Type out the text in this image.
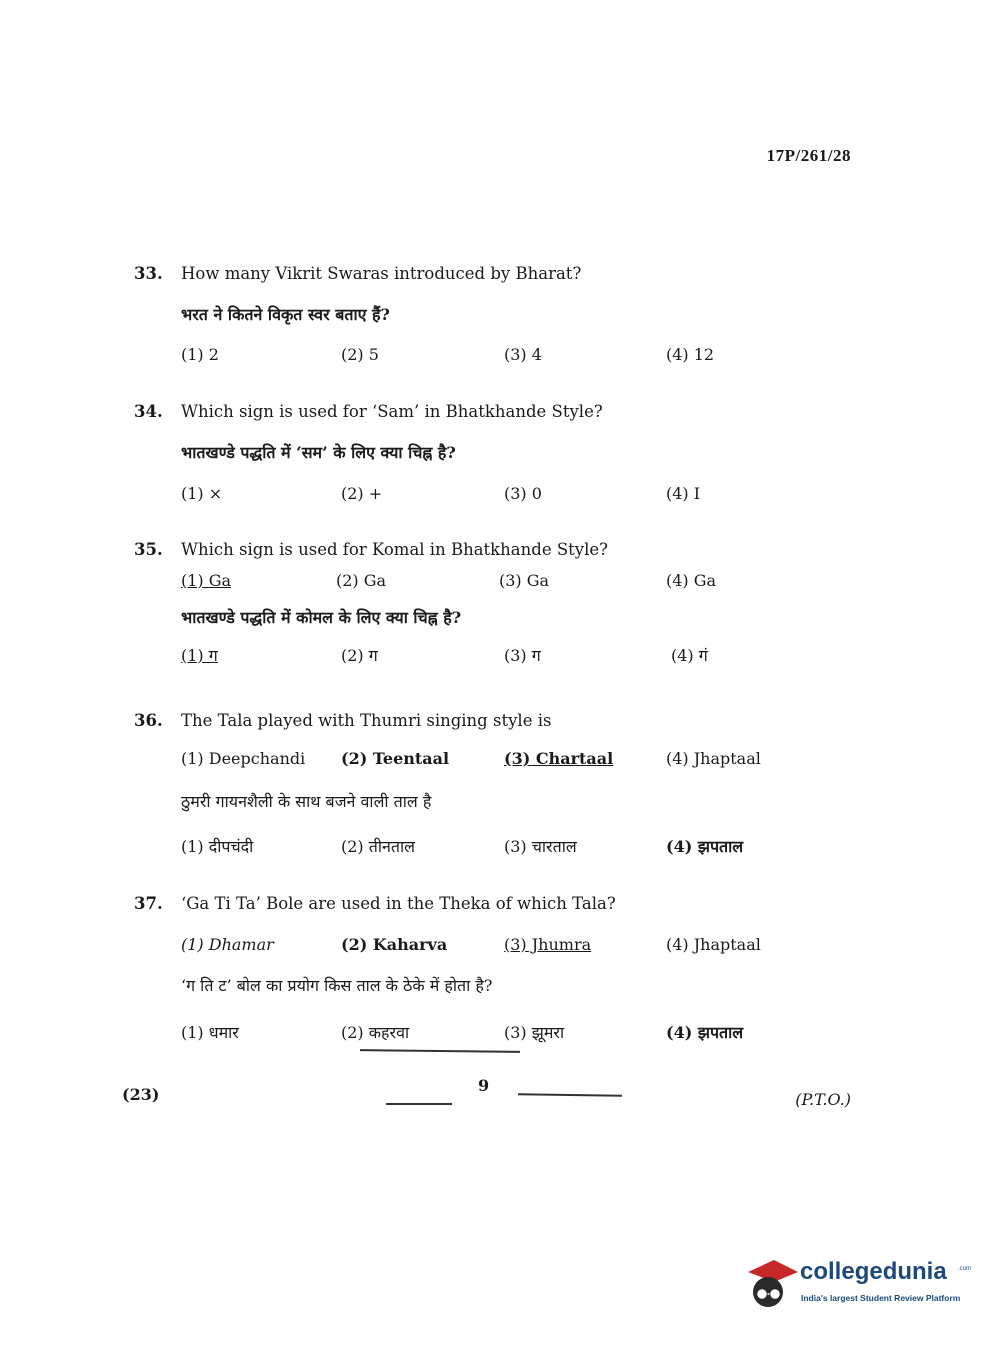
17P/261/28
33. How many Vikrit Swaras introduced by Bharat?
भरत ने कितने विकृत स्वर बताए हैं?
(1) 2	(2) 5	(3) 4	(4) 12
34. Which sign is used for ‘Sam’ in Bhatkhande Style?
भातखण्डे पद्धति में ‘सम’ के लिए क्या चिह्न है?
(1) ×	(2) +	(3) 0	(4) I
35. Which sign is used for Komal in Bhatkhande Style?
(1) Ga	(2) Ga	(3) Ga	(4) Ga
भातखण्डे पद्धति में कोमल के लिए क्या चिह्न है?
(1) ग	(2) ग	(3) ग	(4) गं
36. The Tala played with Thumri singing style is
(1) Deepchandi (2) Teentaal	(3) Chartaal	(4) Jhaptaal
ठुमरी गायनशैली के साथ बजने वाली ताल है
(1) दीपचंदी	(2) तीनताल	(3) चारताल	(4) झपताल
37. ‘Ga Ti Ta’ Bole are used in the Theka of which Tala?
(1) Dhamar	(2) Kaharva	(3) Jhumra	(4) Jhaptaal
‘ग ति ट’ बोल का प्रयोग किस ताल के ठेके में होता है?
(1) धमार	(2) कहरवा	(3) झूमरा	(4) झपताल
(23)	9
(P.T.O.)
collegedunia .com
India's largest Student Review Platform
